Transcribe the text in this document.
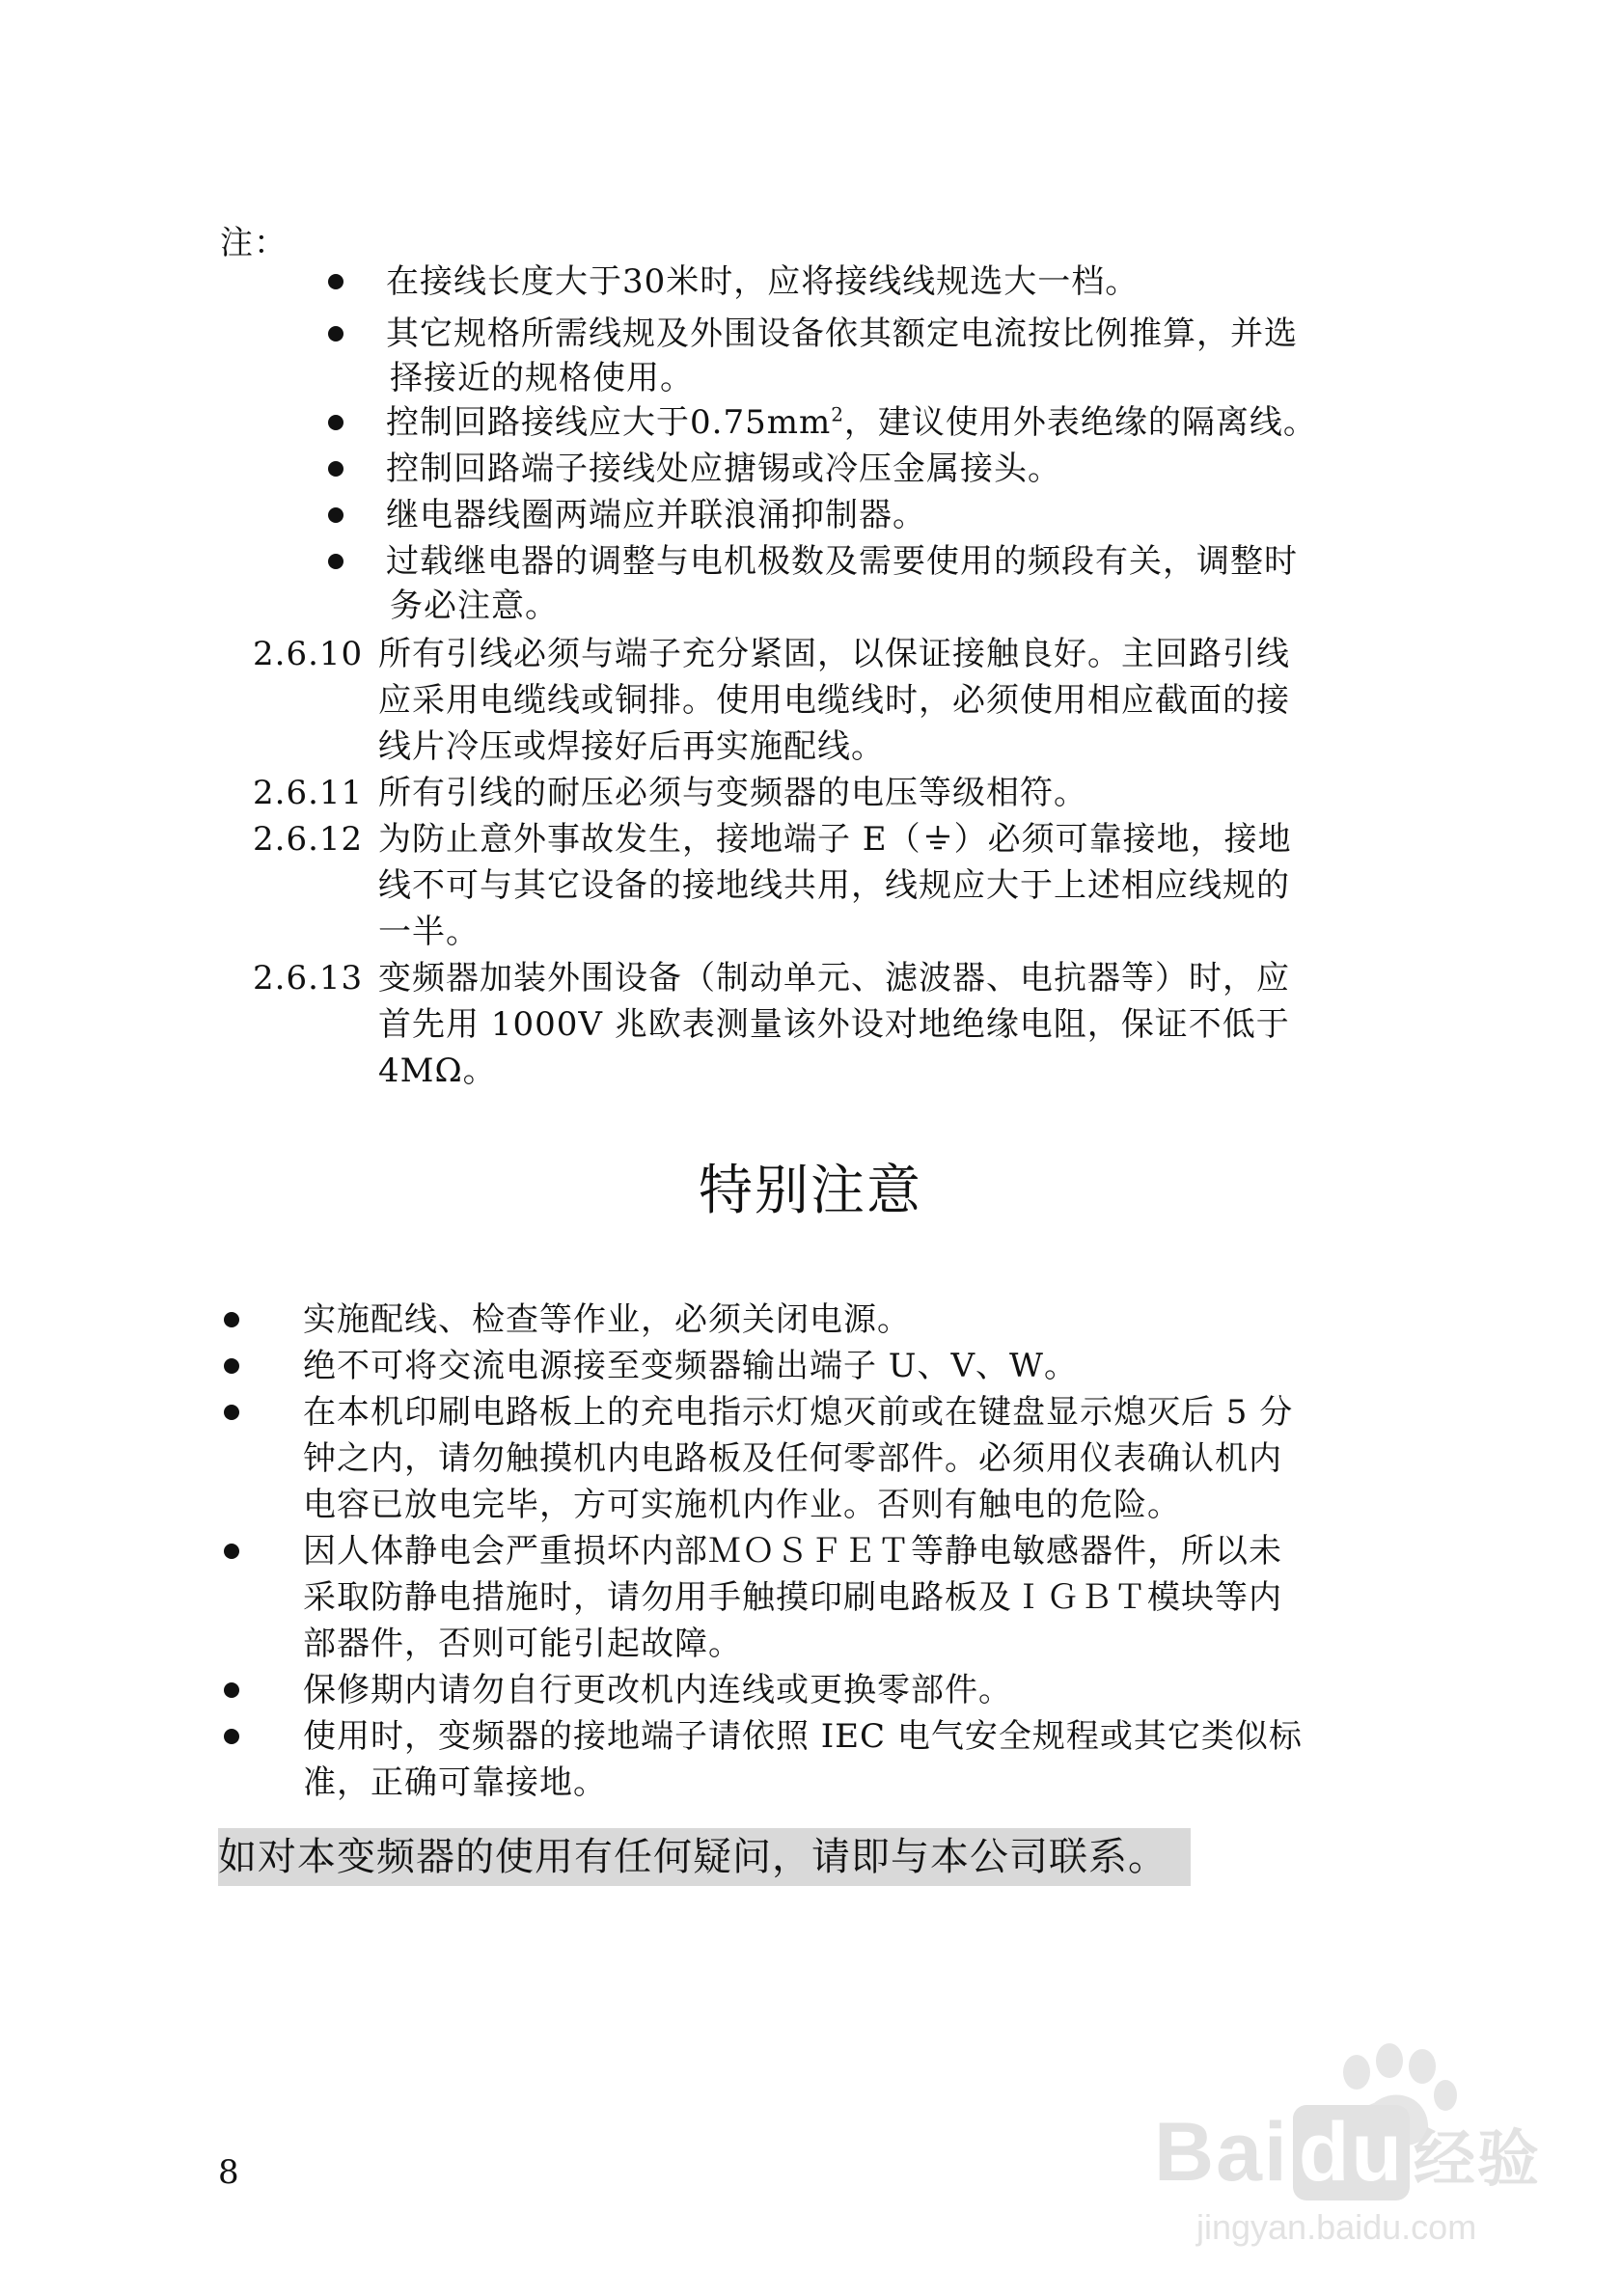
注：
在接线长度大于30米时，应将接线线规选大一档。
其它规格所需线规及外围设备依其额定电流按比例推算，并选
择接近的规格使用。
控制回路接线应大于$0.75mm^2$，建议使用外表绝缘的隔离线。
控制回路端子接线处应搪锡或冷压金属接头。
继电器线圈两端应并联浪涌抑制器。
过载继电器的调整与电机极数及需要使用的频段有关，调整时
务必注意。
2.6.10 所有引线必须与端子充分紧固，以保证接触良好。主回路引线
应采用电缆线或铜排。使用电缆线时，必须使用相应截面的接
线片冷压或焊接好后再实施配线。
2.6.11 所有引线的耐压必须与变频器的电压等级相符。
2.6.12 为防止意外事故发生，接地端子 E（ ）必须可靠接地，接地
线不可与其它设备的接地线共用，线规应大于上述相应线规的
一半。
2.6.13 变频器加装外围设备（制动单元、滤波器、电抗器等）时，应
首先用 1000V 兆欧表测量该外设对地绝缘电阻，保证不低于
4MΩ。
特别注意
实施配线、检查等作业，必须关闭电源。
绝不可将交流电源接至变频器输出端子 U、V、W。
在本机印刷电路板上的充电指示灯熄灭前或在键盘显示熄灭后 5 分
钟之内，请勿触摸机内电路板及任何零部件。必须用仪表确认机内
电容已放电完毕，方可实施机内作业。否则有触电的危险。
因人体静电会严重损坏内部ＭＯＳＦＥＴ等静电敏感器件，所以未
采取防静电措施时，请勿用手触摸印刷电路板及ＩＧＢＴ模块等内
部器件，否则可能引起故障。
保修期内请勿自行更改机内连线或更换零部件。
使用时，变频器的接地端子请依照 IEC 电气安全规程或其它类似标
准，正确可靠接地。
如对本变频器的使用有任何疑问，请即与本公司联系。
8	Bai du 经验
jingyan.baidu.com
